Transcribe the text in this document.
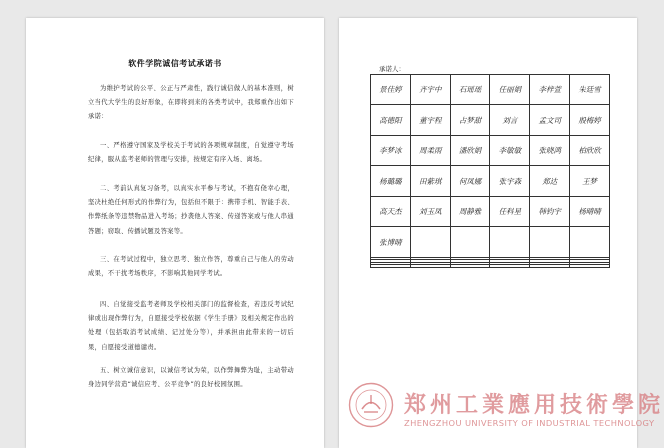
软件学院诚信考试承诺书

为维护考试的公平、公正与严肃性，践行诚信做人的基本准则，树立当代大学生的良好形象，在即将到来的各类考试中，我郑重作出如下承诺：

一、严格遵守国家及学校关于考试的各项规章制度，自觉遵守考场纪律，服从监考老师的管理与安排，按规定有序入场、离场。

二、考前认真复习备考，以真实水平参与考试，不抱有侥幸心理，坚决杜绝任何形式的作弊行为，包括但不限于：携带手机、智能手表、作弊纸条等违禁物品进入考场；抄袭他人答案、传递答案或与他人串通答题；窃取、传播试题及答案等。

三、在考试过程中，独立思考、独立作答，尊重自己与他人的劳动成果，不干扰考场秩序，不影响其他同学考试。

四、自觉接受监考老师及学校相关部门的监督检查，若违反考试纪律或出现作弊行为，自愿接受学校依据《学生手册》及相关规定作出的处理（包括取消考试成绩、记过处分等），并承担由此带来的一切后果，自愿接受道德谴责。

五、树立诚信意识，以诚信考试为荣，以作弊舞弊为耻，主动带动身边同学营造“诚信应考、公平竞争”的良好校园氛围。

承诺人：
景佳婷	齐宇中	石瑶瑶	任丽娟	李梓萱	朱廷雪
高德阳	董宇程	占梦甜	刘言	孟文司	殷梅婷
李梦冰	周柔雨	潘欣娟	李敏敏	张晓鸿	柏欣欣
杨璐璐	田紫琪	何凤娜	张宇森	郑达	王梦
高天杰	刘玉凤	周静雅	任科星	韩钧宇	杨晴晴
张博晴					

郑州工業應用技術學院
ZHENGZHOU UNIVERSITY OF INDUSTRIAL TECHNOLOGY
